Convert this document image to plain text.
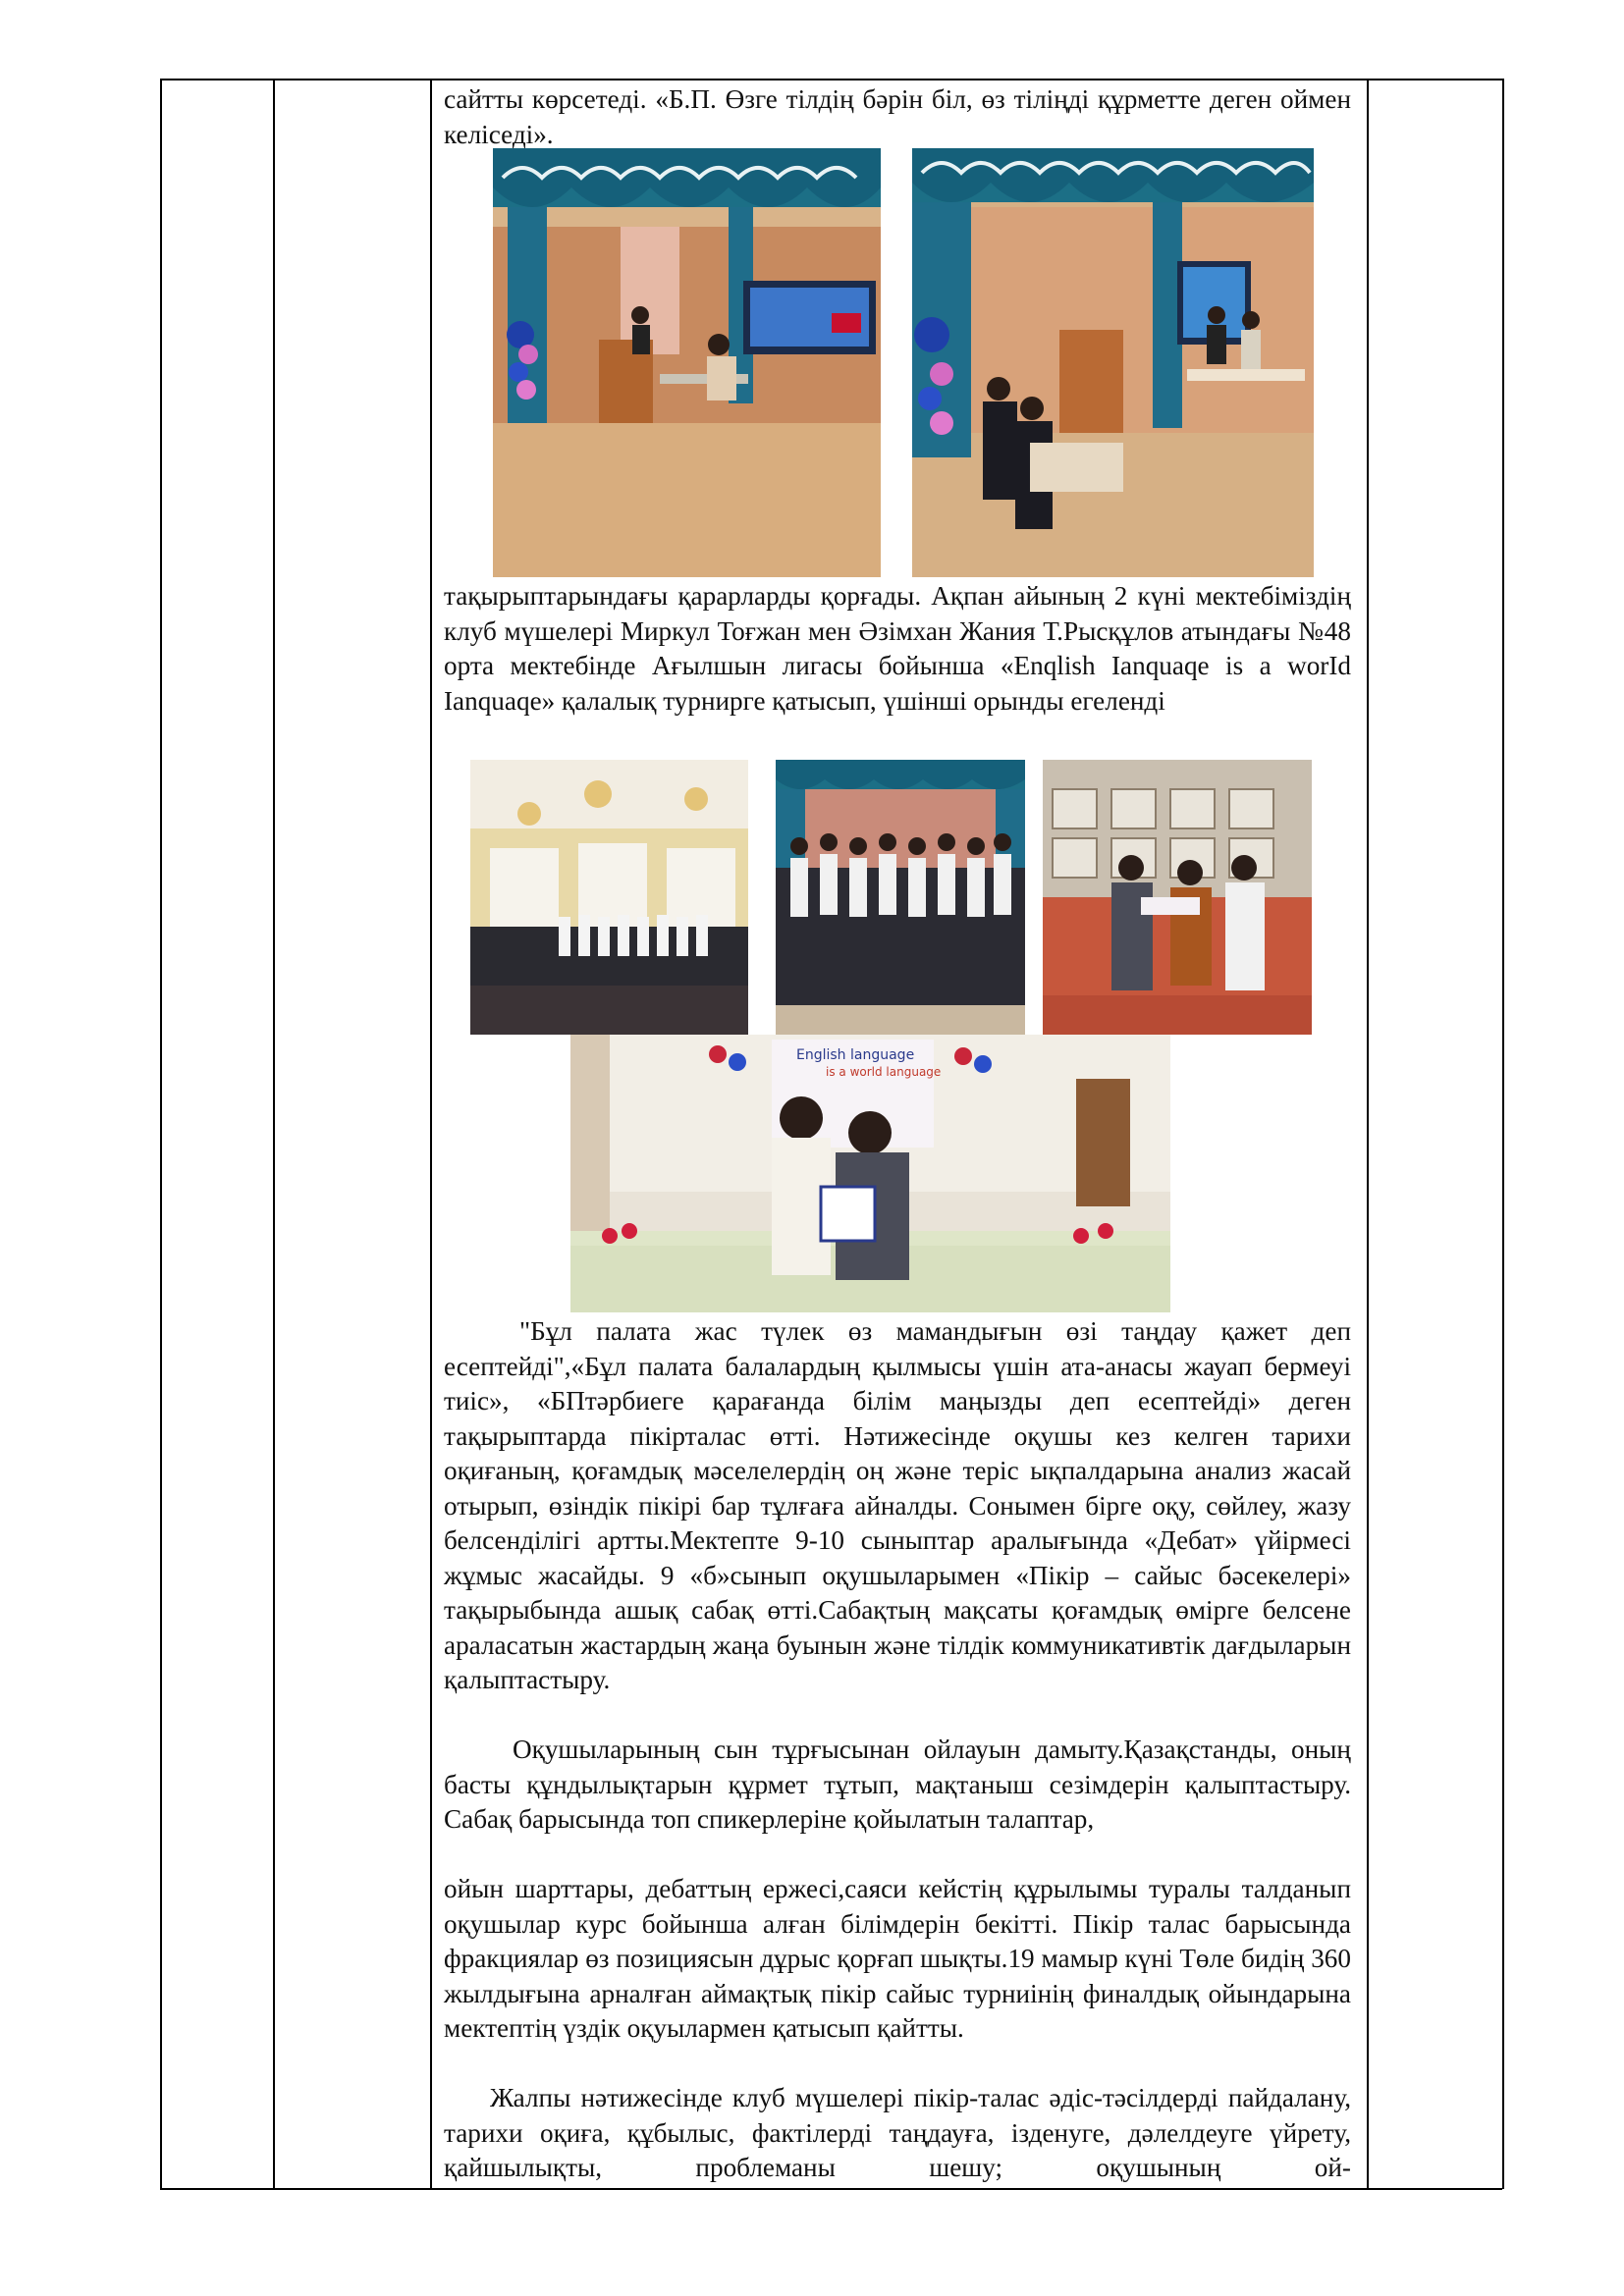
сайтты көрсетеді. «Б.П. Өзге тілдің бәрін біл, өз тіліңді құрметте деген оймен келіседі».

тақырыптарындағы қарарларды қорғады. Ақпан айының 2 күні мектебіміздің клуб мүшелері Миркул Тоғжан мен Әзімхан Жания Т.Рысқұлов атындағы №48 орта мектебінде Ағылшын лигасы бойынша «Enqlish Ianquaqe is a worId Ianquaqe» қалалық турнирге қатысып, үшінші орынды егеленді

English language
is a world language

"Бұл палата жас түлек өз мамандығын өзі таңдау қажет деп есептейді",«Бұл палата балалардың қылмысы үшін ата-анасы жауап бермеуі тиіс», «БПтәрбиеге қарағанда білім маңызды деп есептейді» деген тақырыптарда пікірталас өтті. Нәтижесінде оқушы кез келген тарихи оқиғаның, қоғамдық мәселелердің оң және теріс ықпалдарына анализ жасай отырып, өзіндік пікірі бар тұлғаға айналды. Сонымен бірге оқу, сөйлеу, жазу белсенділігі артты.Мектепте 9-10 сыныптар аралығында «Дебат» үйірмесі жұмыс жасайды. 9 «б»сынып оқушыларымен «Пікір – сайыс бәсекелері» тақырыбында ашық сабақ өтті.Сабақтың мақсаты қоғамдық өмірге белсене араласатын жастардың жаңа буынын және тілдік коммуникативтік дағдыларын қалыптастыру.

Оқушыларының сын тұрғысынан ойлауын дамыту.Қазақстанды, оның басты құндылықтарын құрмет тұтып, мақтаныш сезімдерін қалыптастыру. Сабақ барысында топ спикерлеріне қойылатын талаптар,

ойын шарттары, дебаттың ержесі,саяси кейстің құрылымы туралы талданып оқушылар курс бойынша алған білімдерін бекітті. Пікір талас барысында фракциялар өз позициясын дұрыс қорғап шықты.19 мамыр күні Төле бидің 360 жылдығына арналған аймақтық пікір сайыс турниінің финалдық ойындарына мектептің үздік оқуылармен қатысып қайтты.

Жалпы нәтижесінде клуб мүшелері пікір-талас әдіс-тәсілдерді пайдалану, тарихи оқиға, құбылыс, фактілерді таңдауға, ізденуге, дәлелдеуге үйрету, қайшылықты, проблеманы шешу; оқушының ой-
